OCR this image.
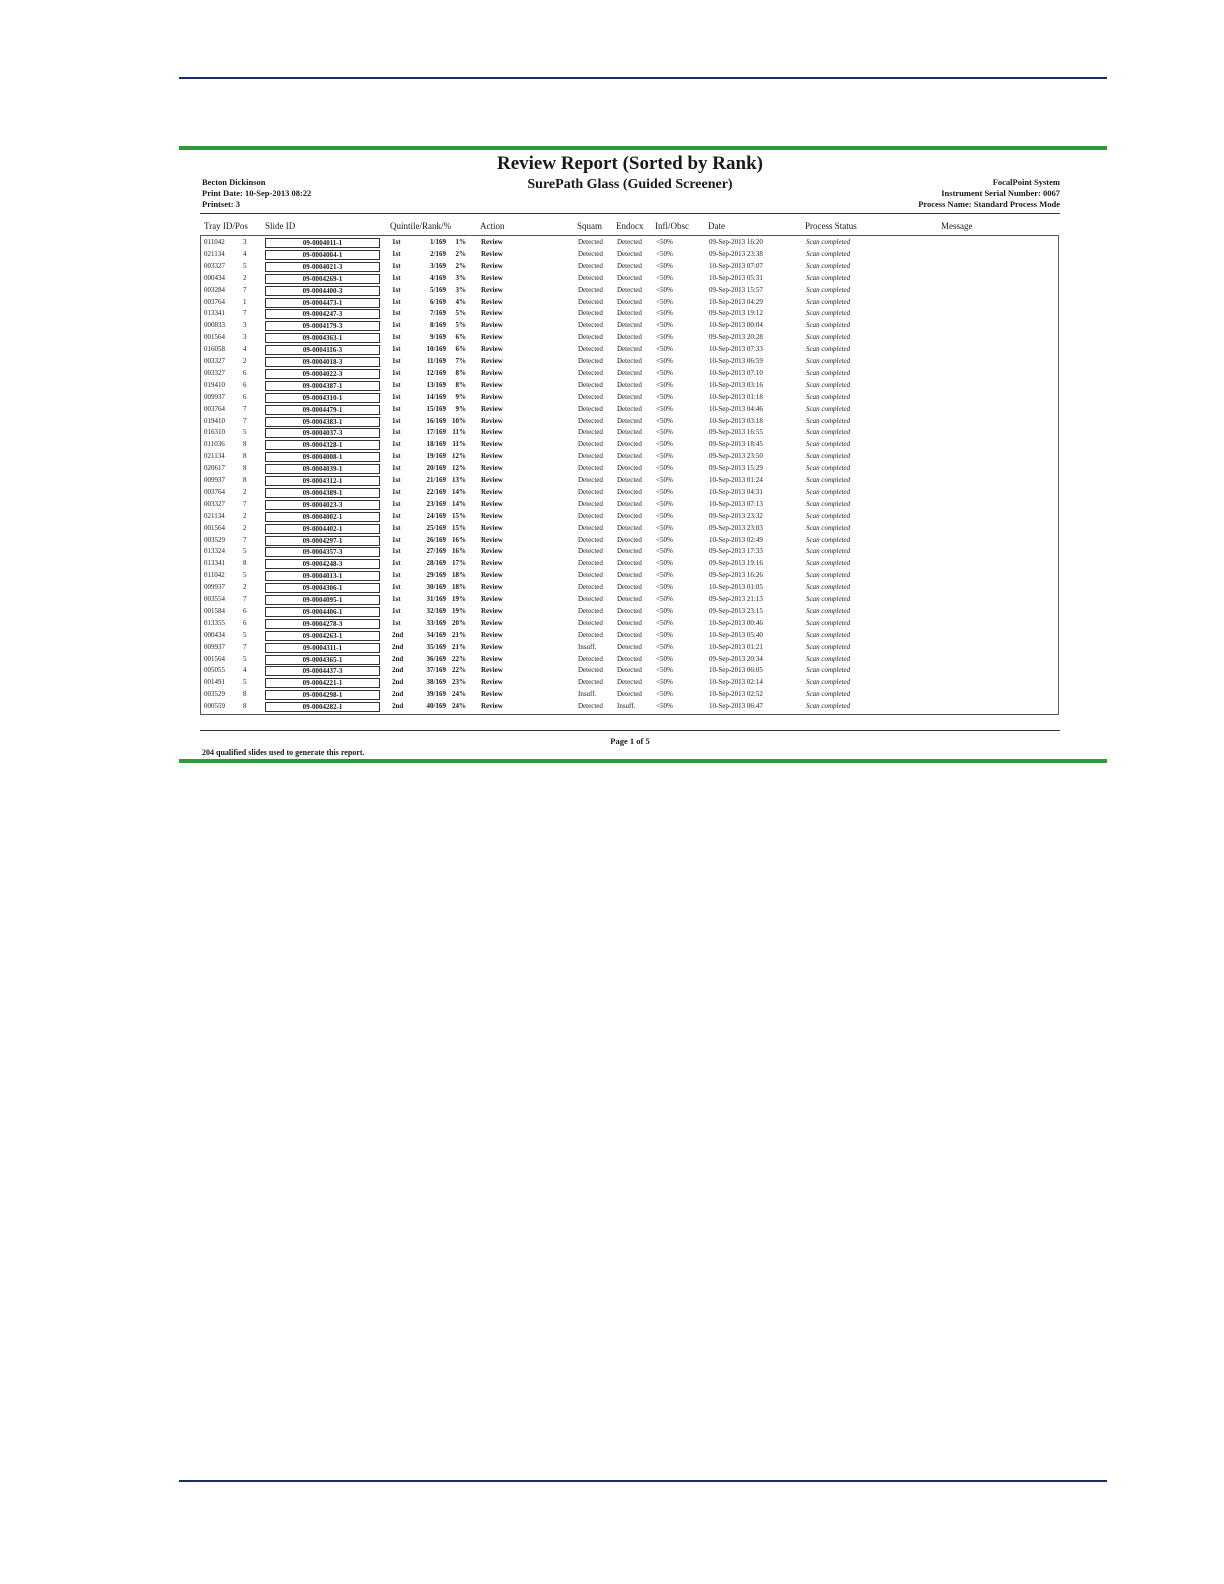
Review Report (Sorted by Rank)
SurePath Glass (Guided Screener)
Becton Dickinson
Print Date: 10-Sep-2013 08:22
Printset: 3
FocalPoint System
Instrument Serial Number: 0067
Process Name: Standard Process Mode
Tray ID/Pos Slide ID	Quintile/Rank/%	Action	Squam Endocx Infl/Obsc Date	Process Status	Message
011042	3	09-0004011-1	1st	1/169 1% Review	Detected Detected <50%	09-Sep-2013 16:20	Scan completed
021134	4	09-0004004-1	1st	2/169 2% Review	Detected Detected <50%	09-Sep-2013 23:38	Scan completed
003327	5	09-0004021-3	1st	3/169 2% Review	Detected Detected <50%	10-Sep-2013 07:07	Scan completed
000434	2	09-0004269-1	1st	4/169 3% Review	Detected Detected <50%	10-Sep-2013 05:31	Scan completed
003284	7	09-0004400-3	1st	5/169 3% Review	Detected Detected <50%	09-Sep-2013 15:57	Scan completed
003764	1	09-0004473-1	1st	6/169 4% Review	Detected Detected <50%	10-Sep-2013 04:29	Scan completed
013341	7	09-0004247-3	1st	7/169 5% Review	Detected Detected <50%	09-Sep-2013 19:12	Scan completed
000833	3	09-0004179-3	1st	8/169 5% Review	Detected Detected <50%	10-Sep-2013 00:04	Scan completed
001564	3	09-0004363-1	1st	9/169 6% Review	Detected Detected <50%	09-Sep-2013 20:28	Scan completed
016058	4	09-0004116-3	1st	10/169 6% Review	Detected Detected <50%	10-Sep-2013 07:33	Scan completed
003327	2	09-0004018-3	1st	11/169 7% Review	Detected Detected <50%	10-Sep-2013 06:59	Scan completed
003327	6	09-0004022-3	1st	12/169 8% Review	Detected Detected <50%	10-Sep-2013 07:10	Scan completed
019410	6	09-0004387-1	1st	13/169 8% Review	Detected Detected <50%	10-Sep-2013 03:16	Scan completed
009937	6	09-0004310-1	1st	14/169 9% Review	Detected Detected <50%	10-Sep-2013 01:18	Scan completed
003764	7	09-0004479-1	1st	15/169 9% Review	Detected Detected <50%	10-Sep-2013 04:46	Scan completed
019410	7	09-0004383-1	1st	16/169 10% Review	Detected Detected <50%	10-Sep-2013 03:18	Scan completed
016310	5	09-0004037-3	1st	17/169 11% Review	Detected Detected <50%	09-Sep-2013 16:55	Scan completed
011036	8	09-0004328-1	1st	18/169 11% Review	Detected Detected <50%	09-Sep-2013 18:45	Scan completed
021134	8	09-0004008-1	1st	19/169 12% Review	Detected Detected <50%	09-Sep-2013 23:50	Scan completed
020617	8	09-0004039-1	1st	20/169 12% Review	Detected Detected <50%	09-Sep-2013 15:29	Scan completed
009937	8	09-0004312-1	1st	21/169 13% Review	Detected Detected <50%	10-Sep-2013 01:24	Scan completed
003764	2	09-0004389-1	1st	22/169 14% Review	Detected Detected <50%	10-Sep-2013 04:31	Scan completed
003327	7	09-0004023-3	1st	23/169 14% Review	Detected Detected <50%	10-Sep-2013 07:13	Scan completed
021134	2	09-0004002-1	1st	24/169 15% Review	Detected Detected <50%	09-Sep-2013 23:32	Scan completed
001564	2	09-0004402-1	1st	25/169 15% Review	Detected Detected <50%	09-Sep-2013 23:03	Scan completed
003529	7	09-0004297-1	1st	26/169 16% Review	Detected Detected <50%	10-Sep-2013 02:49	Scan completed
013324	5	09-0004357-3	1st	27/169 16% Review	Detected Detected <50%	09-Sep-2013 17:33	Scan completed
013341	8	09-0004248-3	1st	28/169 17% Review	Detected Detected <50%	09-Sep-2013 19:16	Scan completed
011042	5	09-0004013-1	1st	29/169 18% Review	Detected Detected <50%	09-Sep-2013 16:26	Scan completed
009937	2	09-0004306-1	1st	30/169 18% Review	Detected Detected <50%	10-Sep-2013 01:05	Scan completed
003554	7	09-0004095-1	1st	31/169 19% Review	Detected Detected <50%	09-Sep-2013 21:13	Scan completed
001584	6	09-0004406-1	1st	32/169 19% Review	Detected Detected <50%	09-Sep-2013 23:15	Scan completed
013355	6	09-0004278-3	1st	33/169 20% Review	Detected Detected <50%	10-Sep-2013 00:46	Scan completed
000434	5	09-0004263-1	2nd	34/169 21% Review	Detected Detected <50%	10-Sep-2013 05:40	Scan completed
009937	7	09-0004311-1	2nd	35/169 21% Review	Insuff.	Detected <50%	10-Sep-2013 01:21	Scan completed
001564	5	09-0004365-1	2nd	36/169 22% Review	Detected Detected <50%	09-Sep-2013 20:34	Scan completed
005055	4	09-0004437-3	2nd	37/169 22% Review	Detected Detected <50%	10-Sep-2013 06:05	Scan completed
001491	5	09-0004221-1	2nd	38/169 23% Review	Detected Detected <50%	10-Sep-2013 02:14	Scan completed
003529	8	09-0004298-1	2nd	39/169 24% Review	Insuff.	Detected <50%	10-Sep-2013 02:52	Scan completed
000559	8	09-0004282-1	2nd	40/169 24% Review	Detected Insuff.	<50%	10-Sep-2013 06:47	Scan completed
Page 1 of 5
204 qualified slides used to generate this report.
